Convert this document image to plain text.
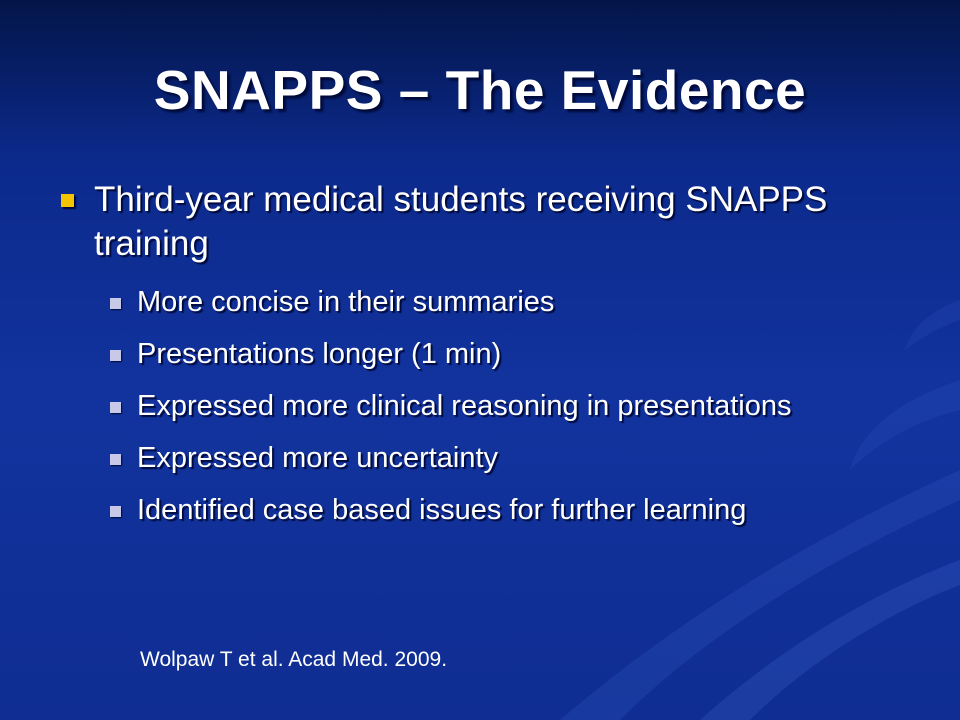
SNAPPS – The Evidence
Third-year medical students receiving SNAPPS training
More concise in their summaries
Presentations longer (1 min)
Expressed more clinical reasoning in presentations
Expressed more uncertainty
Identified case based issues for further learning
Wolpaw T et al. Acad Med. 2009.
